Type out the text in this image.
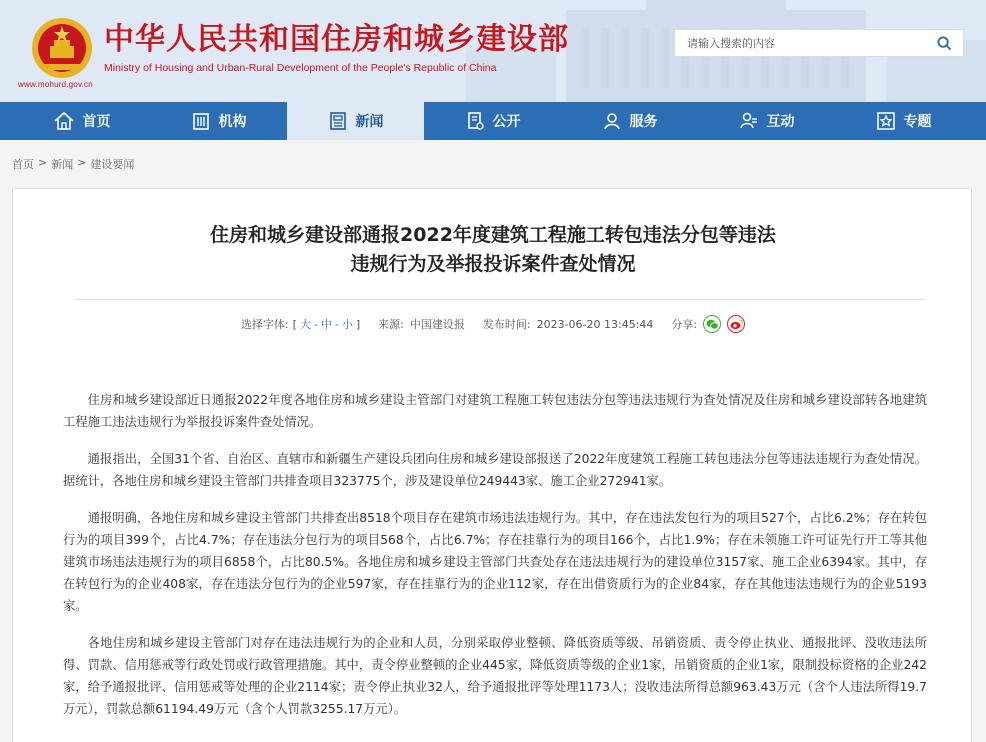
www.mohurd.gov.cn
中华人民共和国住房和城乡建设部
Ministry of Housing and Urban-Rural Development of the People's Republic of China
请输入搜索的内容
首页	机构	新闻	公开	服务	互动	专题
首页 > 新闻 > 建设要闻
住房和城乡建设部通报2022年度建筑工程施工转包违法分包等违法
违规行为及举报投诉案件查处情况
选择字体: [ 大 - 中 - 小 ] 来源: 中国建设报 发布时间: 2023-06-20 13:45:44 分享:

住房和城乡建设部近日通报2022年度各地住房和城乡建设主管部门对建筑工程施工转包违法分包等违法违规行为查处情况及住房和城乡建设部转各地建筑工程施工违法违规行为举报投诉案件查处情况。

通报指出，全国31个省、自治区、直辖市和新疆生产建设兵团向住房和城乡建设部报送了2022年度建筑工程施工转包违法分包等违法违规行为查处情况。据统计，各地住房和城乡建设主管部门共排查项目323775个，涉及建设单位249443家、施工企业272941家。

通报明确，各地住房和城乡建设主管部门共排查出8518个项目存在建筑市场违法违规行为。其中，存在违法发包行为的项目527个，占比6.2%；存在转包行为的项目399个，占比4.7%；存在违法分包行为的项目568个，占比6.7%；存在挂靠行为的项目166个，占比1.9%；存在未领施工许可证先行开工等其他建筑市场违法违规行为的项目6858个，占比80.5%。各地住房和城乡建设主管部门共查处存在违法违规行为的建设单位3157家、施工企业6394家。其中，存在转包行为的企业408家，存在违法分包行为的企业597家，存在挂靠行为的企业112家，存在出借资质行为的企业84家，存在其他违法违规行为的企业5193家。

各地住房和城乡建设主管部门对存在违法违规行为的企业和人员，分别采取停业整顿、降低资质等级、吊销资质、责令停止执业、通报批评、没收违法所得、罚款、信用惩戒等行政处罚或行政管理措施。其中，责令停业整顿的企业445家，降低资质等级的企业1家，吊销资质的企业1家，限制投标资格的企业242家，给予通报批评、信用惩戒等处理的企业2114家；责令停止执业32人，给予通报批评等处理1173人；没收违法所得总额963.43万元（含个人违法所得19.7万元），罚款总额61194.49万元（含个人罚款3255.17万元）。
